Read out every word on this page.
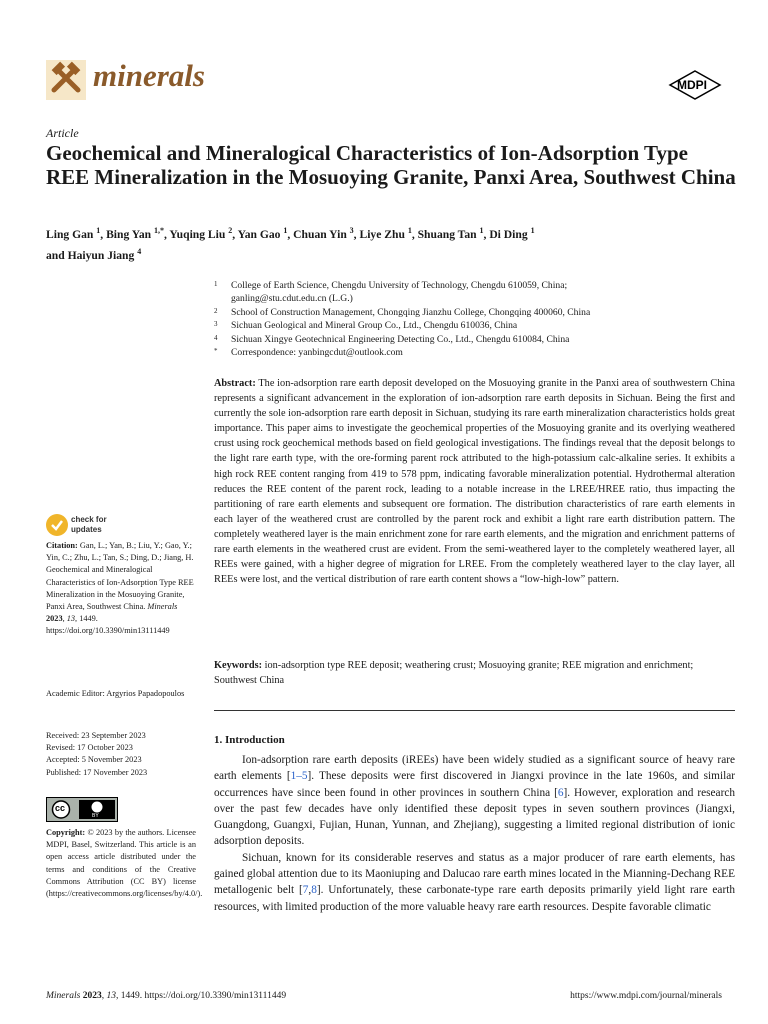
minerals	MDPI
Article
Geochemical and Mineralogical Characteristics of Ion-Adsorption Type REE Mineralization in the Mosuoying Granite, Panxi Area, Southwest China
Ling Gan $^1$, Bing Yan $^{1,*}$, Yuqing Liu $^2$, Yan Gao $^1$, Chuan Yin $^3$, Liye Zhu $^1$, Shuang Tan $^1$, Di Ding $^1$
and Haiyun Jiang $^4$
1	College of Earth Science, Chengdu University of Technology, Chengdu 610059, China;
ganling@stu.cdut.edu.cn (L.G.)
2	School of Construction Management, Chongqing Jianzhu College, Chongqing 400060, China
3	Sichuan Geological and Mineral Group Co., Ltd., Chengdu 610036, China
4	Sichuan Xingye Geotechnical Engineering Detecting Co., Ltd., Chengdu 610084, China
*	Correspondence: yanbingcdut@outlook.com
Abstract: The ion-adsorption rare earth deposit developed on the Mosuoying granite in the Panxi area of southwestern China represents a significant advancement in the exploration of ion-adsorption rare earth deposits in Sichuan. Being the first and currently the sole ion-adsorption rare earth deposit in Sichuan, studying its rare earth mineralization characteristics holds great importance. This paper aims to investigate the geochemical properties of the Mosuoying granite and its overlying weathered crust using rock geochemical methods based on field geological investigations. The findings reveal that the deposit belongs to the light rare earth type, with the ore-forming parent rock attributed to the high-potassium calc-alkaline series. It exhibits a high rock REE content ranging from 419 to 578 ppm, indicating favorable mineralization potential. Hydrothermal alteration reduces the REE content of the parent rock, leading to a notable increase in the LREE/HREE ratio, thus impacting the partitioning of rare earth elements and subsequent ore formation. The distribution characteristics of rare earth elements in each layer of the weathered crust are controlled by the parent rock and exhibit a light rare earth distribution pattern. The completely weathered layer is the main enrichment zone for rare earth elements, and the migration and enrichment patterns of rare earth elements in the weathered crust are evident. From the semi-weathered layer to the completely weathered layer, all REEs were gained, with a higher degree of migration for LREE. From the completely weathered layer to the clay layer, all REEs were lost, and the vertical distribution of rare earth content shows a “low-high-low” pattern.
Keywords: ion-adsorption type REE deposit; weathering crust; Mosuoying granite; REE migration and enrichment; Southwest China
1. Introduction

Ion-adsorption rare earth deposits (iREEs) have been widely studied as a significant source of heavy rare earth elements [1–5]. These deposits were first discovered in Jiangxi province in the late 1960s, and similar occurrences have since been found in other provinces in southern China [6]. However, exploration and research over the past few decades have only identified these deposit types in seven southern provinces (Jiangxi, Guangdong, Guangxi, Fujian, Hunan, Yunnan, and Zhejiang), suggesting a limited regional distribution of ionic adsorption deposits.

Sichuan, known for its considerable reserves and status as a major producer of rare earth elements, has gained global attention due to its Maoniuping and Dalucao rare earth mines located in the Mianning-Dechang REE metallogenic belt [7,8]. Unfortunately, these carbonate-type rare earth deposits primarily yield light rare earth resources, with limited production of the more valuable heavy rare earth resources. Despite favorable climatic

check for
updates
Citation: Gan, L.; Yan, B.; Liu, Y.; Gao, Y.; Yin, C.; Zhu, L.; Tan, S.; Ding, D.; Jiang, H. Geochemical and Mineralogical Characteristics of Ion-Adsorption Type REE Mineralization in the Mosuoying Granite, Panxi Area, Southwest China. Minerals 2023, 13, 1449. https://doi.org/10.3390/min13111449
Academic Editor: Argyrios Papadopoulos
Received: 23 September 2023
Revised: 17 October 2023
Accepted: 5 November 2023
Published: 17 November 2023
cc
BY
Copyright: © 2023 by the authors. Licensee MDPI, Basel, Switzerland. This article is an open access article distributed under the terms and conditions of the Creative Commons Attribution (CC BY) license (https://creativecommons.org/licenses/by/4.0/).
Minerals 2023, 13, 1449. https://doi.org/10.3390/min13111449	https://www.mdpi.com/journal/minerals
